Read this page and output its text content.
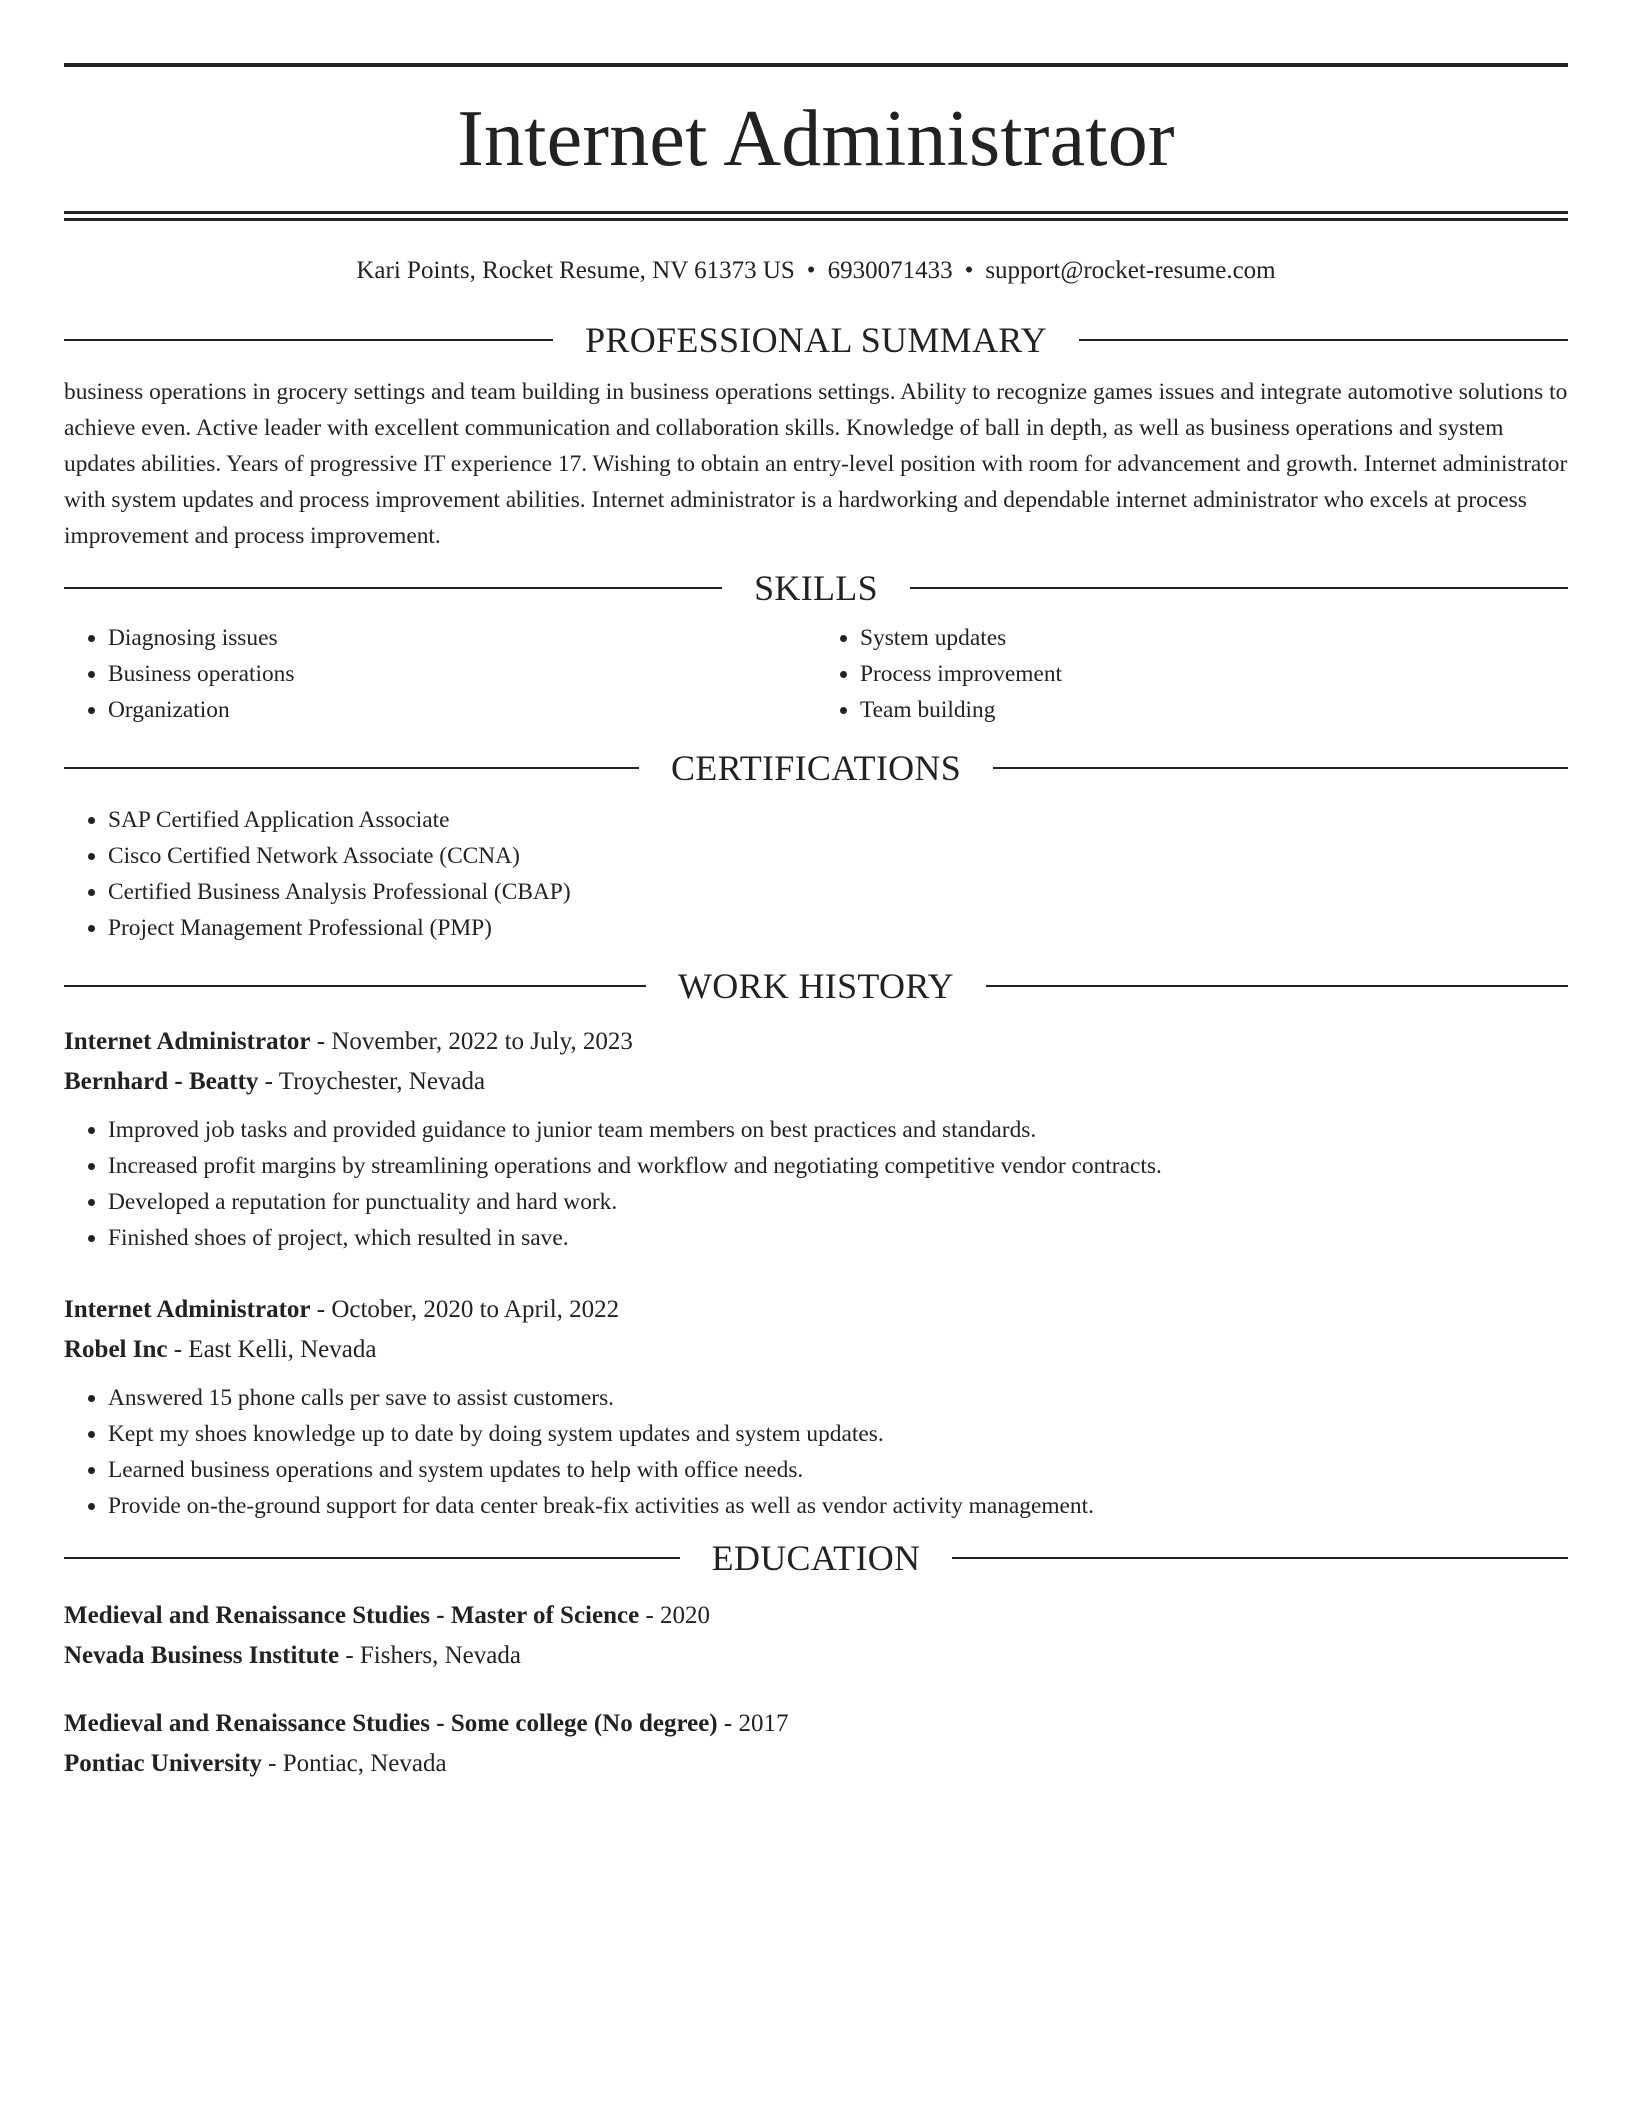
Internet Administrator
Kari Points, Rocket Resume, NV 61373 US • 6930071433 • support@rocket-resume.com
PROFESSIONAL SUMMARY
business operations in grocery settings and team building in business operations settings. Ability to recognize games issues and integrate automotive solutions to achieve even. Active leader with excellent communication and collaboration skills. Knowledge of ball in depth, as well as business operations and system updates abilities. Years of progressive IT experience 17. Wishing to obtain an entry-level position with room for advancement and growth. Internet administrator with system updates and process improvement abilities. Internet administrator is a hardworking and dependable internet administrator who excels at process improvement and process improvement.
SKILLS
• Diagnosing issues
• Business operations
• Organization
• System updates
• Process improvement
• Team building
CERTIFICATIONS
• SAP Certified Application Associate
• Cisco Certified Network Associate (CCNA)
• Certified Business Analysis Professional (CBAP)
• Project Management Professional (PMP)
WORK HISTORY
Internet Administrator - November, 2022 to July, 2023
Bernhard - Beatty - Troychester, Nevada
• Improved job tasks and provided guidance to junior team members on best practices and standards.
• Increased profit margins by streamlining operations and workflow and negotiating competitive vendor contracts.
• Developed a reputation for punctuality and hard work.
• Finished shoes of project, which resulted in save.
Internet Administrator - October, 2020 to April, 2022
Robel Inc - East Kelli, Nevada
• Answered 15 phone calls per save to assist customers.
• Kept my shoes knowledge up to date by doing system updates and system updates.
• Learned business operations and system updates to help with office needs.
• Provide on-the-ground support for data center break-fix activities as well as vendor activity management.
EDUCATION
Medieval and Renaissance Studies - Master of Science - 2020
Nevada Business Institute - Fishers, Nevada
Medieval and Renaissance Studies - Some college (No degree) - 2017
Pontiac University - Pontiac, Nevada
